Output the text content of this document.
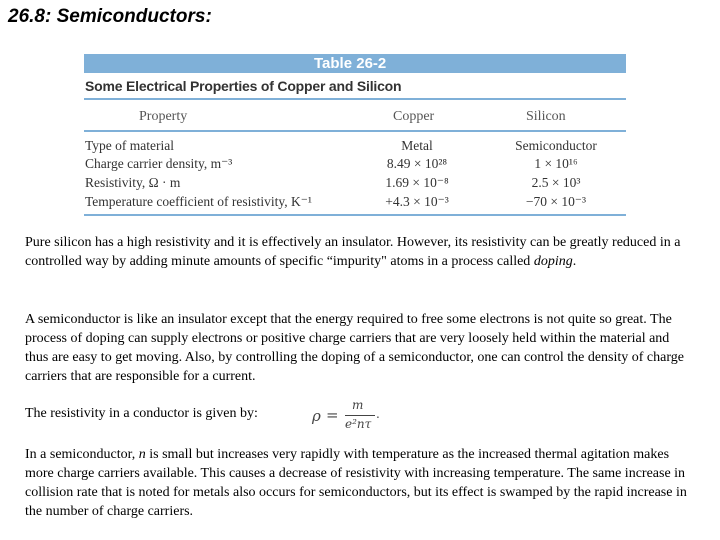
26.8: Semiconductors:
Table 26-2
Some Electrical Properties of Copper and Silicon
Property	Copper	Silicon
Type of material	Metal	Semiconductor
Charge carrier density, m⁻³	8.49 × 10²⁸	1 × 10¹⁶
Resistivity, Ω · m	1.69 × 10⁻⁸	2.5 × 10³
Temperature coefficient of resistivity, K⁻¹	+4.3 × 10⁻³	−70 × 10⁻³
Pure silicon has a high resistivity and it is effectively an insulator. However, its resistivity can be greatly reduced in a controlled way by adding minute amounts of specific “impurity" atoms in a process called doping.
A semiconductor is like an insulator except that the energy required to free some electrons is not quite so great. The process of doping can supply electrons or positive charge carriers that are very loosely held within the material and thus are easy to get moving. Also, by controlling the doping of a semiconductor, one can control the density of charge carriers that are responsible for a current.
The resistivity in a conductor is given by:	ρ =
m
e²nτ
.
In a semiconductor, n is small but increases very rapidly with temperature as the increased thermal agitation makes more charge carriers available. This causes a decrease of resistivity with increasing temperature. The same increase in collision rate that is noted for metals also occurs for semiconductors, but its effect is swamped by the rapid increase in the number of charge carriers.
